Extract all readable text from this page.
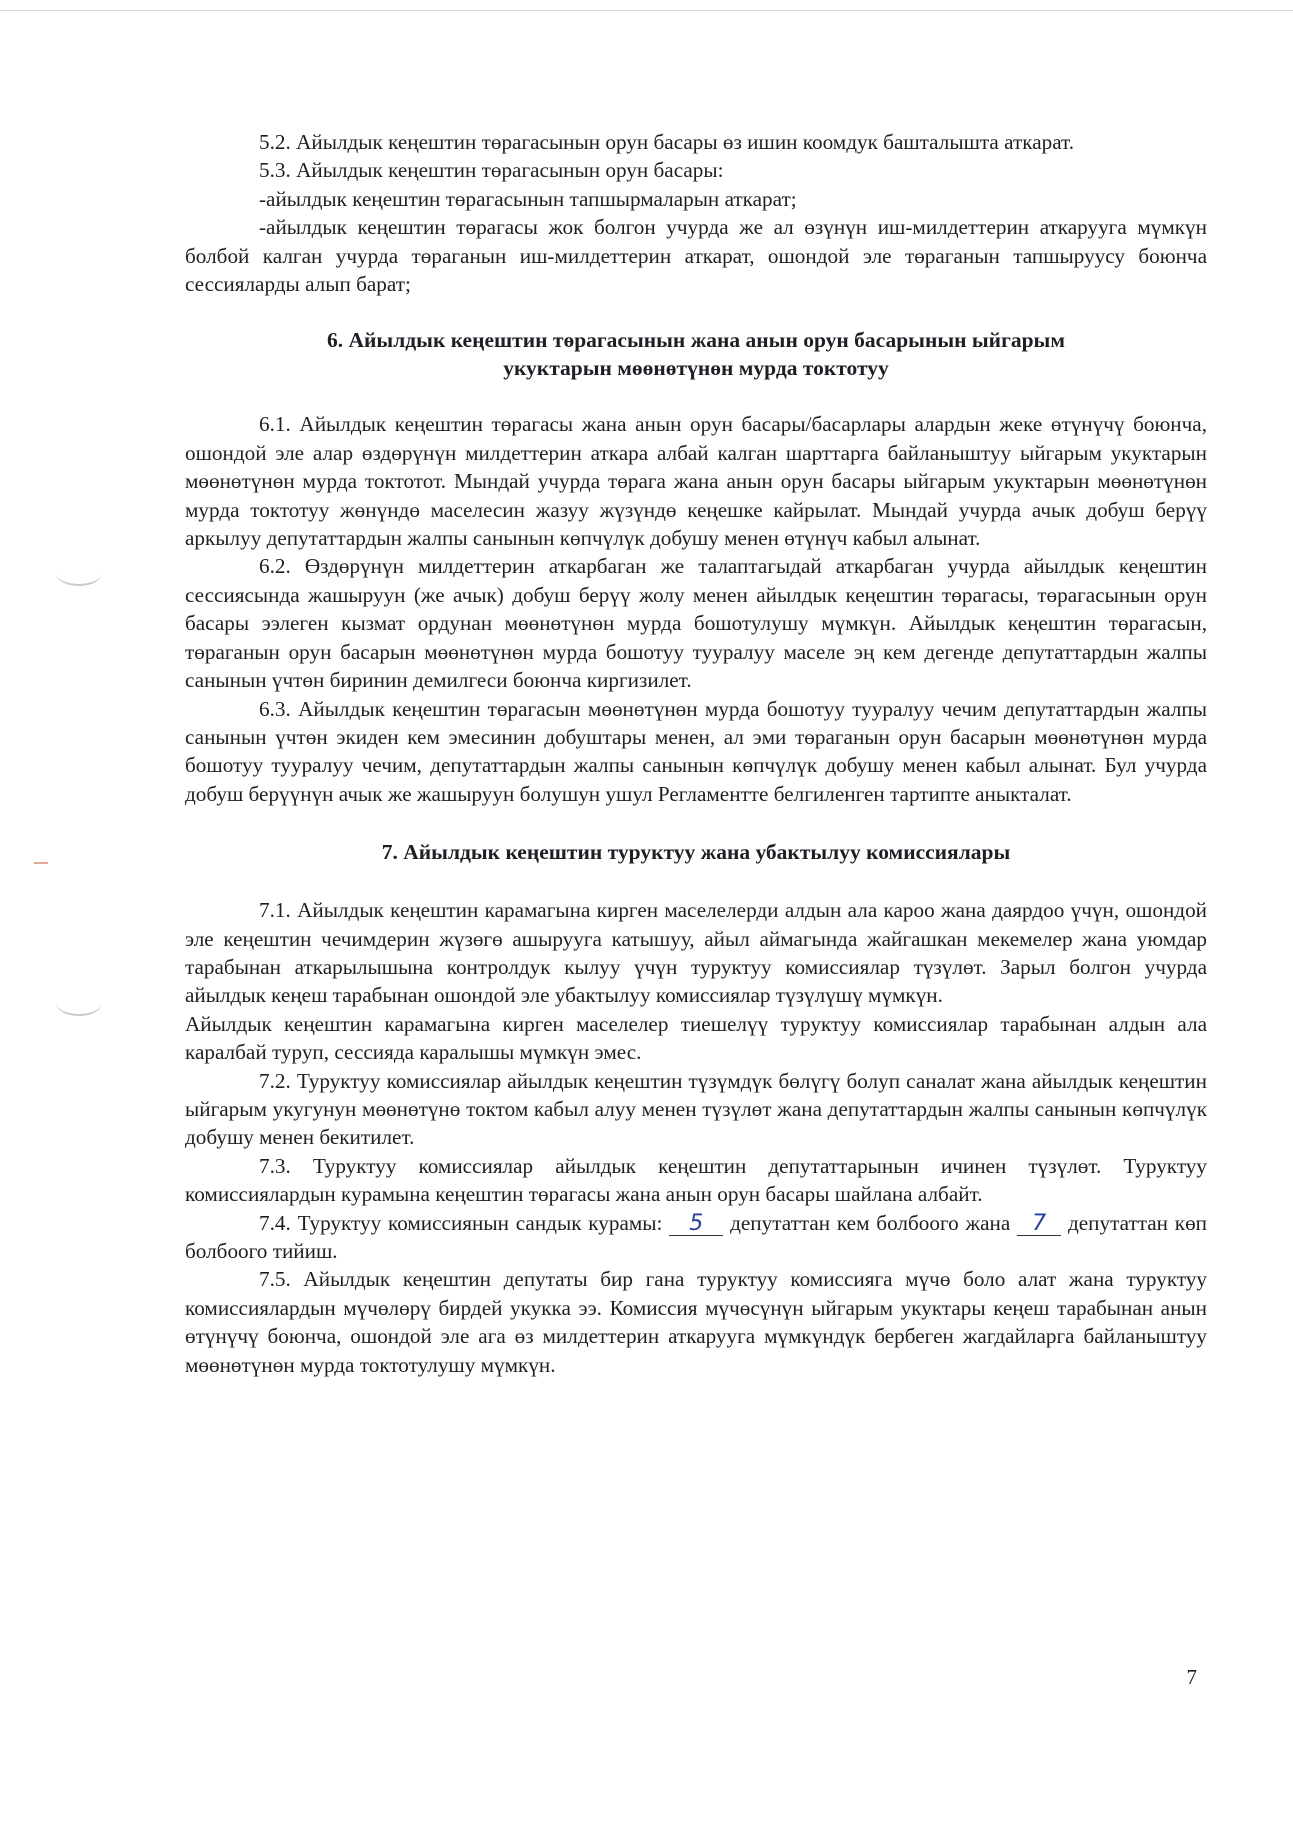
5.2. Айылдык кеңештин төрагасынын орун басары өз ишин коомдук башталышта аткарат.

5.3. Айылдык кеңештин төрагасынын орун басары:

-айылдык кеңештин төрагасынын тапшырмаларын аткарат;

-айылдык кеңештин төрагасы жок болгон учурда же ал өзүнүн иш-милдеттерин аткарууга мүмкүн болбой калган учурда төраганын иш-милдеттерин аткарат, ошондой эле төраганын тапшыруусу боюнча сессияларды алып барат;

6. Айылдык кеңештин төрагасынын жана анын орун басарынын ыйгарым
укуктарын мөөнөтүнөн мурда токтотуу

6.1. Айылдык кеңештин төрагасы жана анын орун басары/басарлары алардын жеке өтүнүчү боюнча, ошондой эле алар өздөрүнүн милдеттерин аткара албай калган шарттарга байланыштуу ыйгарым укуктарын мөөнөтүнөн мурда токтотот. Мындай учурда төрага жана анын орун басары ыйгарым укуктарын мөөнөтүнөн мурда токтотуу жөнүндө маселесин жазуу жүзүндө кеңешке кайрылат. Мындай учурда ачык добуш берүү аркылуу депутаттардын жалпы санынын көпчүлүк добушу менен өтүнүч кабыл алынат.

6.2. Өздөрүнүн милдеттерин аткарбаган же талаптагыдай аткарбаган учурда айылдык кеңештин сессиясында жашыруун (же ачык) добуш берүү жолу менен айылдык кеңештин төрагасы, төрагасынын орун басары ээлеген кызмат ордунан мөөнөтүнөн мурда бошотулушу мүмкүн. Айылдык кеңештин төрагасын, төраганын орун басарын мөөнөтүнөн мурда бошотуу тууралуу маселе эң кем дегенде депутаттардын жалпы санынын үчтөн биринин демилгеси боюнча киргизилет.

6.3. Айылдык кеңештин төрагасын мөөнөтүнөн мурда бошотуу тууралуу чечим депутаттардын жалпы санынын үчтөн экиден кем эмесинин добуштары менен, ал эми төраганын орун басарын мөөнөтүнөн мурда бошотуу тууралуу чечим, депутаттардын жалпы санынын көпчүлүк добушу менен кабыл алынат. Бул учурда добуш берүүнүн ачык же жашыруун болушун ушул Регламентте белгиленген тартипте аныкталат.

7. Айылдык кеңештин туруктуу жана убактылуу комиссиялары

7.1. Айылдык кеңештин карамагына кирген маселелерди алдын ала кароо жана даярдоо үчүн, ошондой эле кеңештин чечимдерин жүзөгө ашырууга катышуу, айыл аймагында жайгашкан мекемелер жана уюмдар тарабынан аткарылышына контролдук кылуу үчүн туруктуу комиссиялар түзүлөт. Зарыл болгон учурда айылдык кеңеш тарабынан ошондой эле убактылуу комиссиялар түзүлүшү мүмкүн.

Айылдык кеңештин карамагына кирген маселелер тиешелүү туруктуу комиссиялар тарабынан алдын ала каралбай туруп, сессияда каралышы мүмкүн эмес.

7.2. Туруктуу комиссиялар айылдык кеңештин түзүмдүк бөлүгү болуп саналат жана айылдык кеңештин ыйгарым укугунун мөөнөтүнө токтом кабыл алуу менен түзүлөт жана депутаттардын жалпы санынын көпчүлүк добушу менен бекитилет.

7.3. Туруктуу комиссиялар айылдык кеңештин депутаттарынын ичинен түзүлөт. Туруктуу комиссиялардын курамына кеңештин төрагасы жана анын орун басары шайлана албайт.

7.4. Туруктуу комиссиянын сандык курамы: 5 депутаттан кем болбоого жана 7 депутаттан көп болбоого тийиш.

7.5. Айылдык кеңештин депутаты бир гана туруктуу комиссияга мүчө боло алат жана туруктуу комиссиялардын мүчөлөрү бирдей укукка ээ. Комиссия мүчөсүнүн ыйгарым укуктары кеңеш тарабынан анын өтүнүчү боюнча, ошондой эле ага өз милдеттерин аткарууга мүмкүндүк бербеген жагдайларга байланыштуу мөөнөтүнөн мурда токтотулушу мүмкүн.

7
